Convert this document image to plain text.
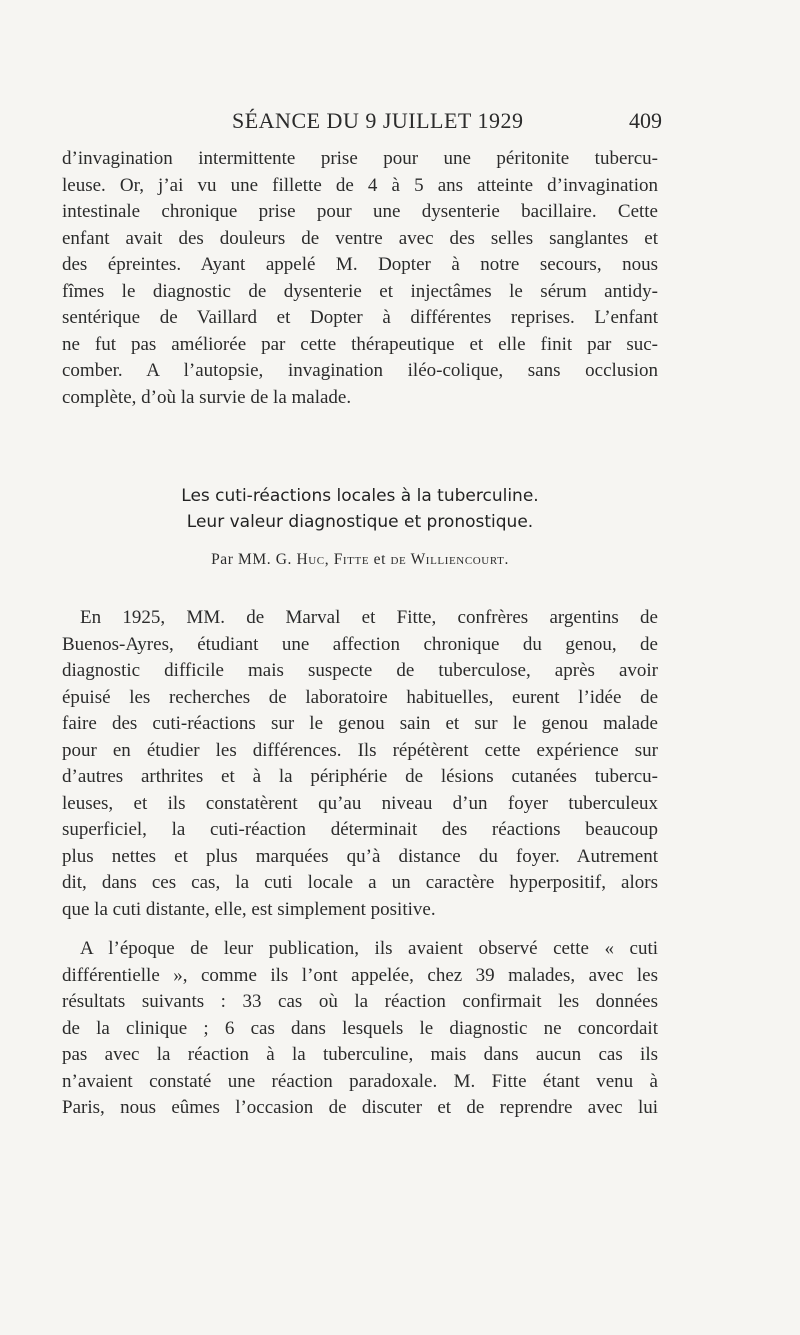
SÉANCE DU 9 JUILLET 1929	409
d’invagination intermittente prise pour une péritonite tubercu-
leuse. Or, j’ai vu une fillette de 4 à 5 ans atteinte d’invagination
intestinale chronique prise pour une dysenterie bacillaire. Cette
enfant avait des douleurs de ventre avec des selles sanglantes et
des épreintes. Ayant appelé M. Dopter à notre secours, nous
fîmes le diagnostic de dysenterie et injectâmes le sérum antidy-
sentérique de Vaillard et Dopter à différentes reprises. L’enfant
ne fut pas améliorée par cette thérapeutique et elle finit par suc-
comber. A l’autopsie, invagination iléo-colique, sans occlusion
complète, d’où la survie de la malade.
Les cuti-réactions locales à la tuberculine.
Leur valeur diagnostique et pronostique.
Par MM. G. Huc, Fitte et de Williencourt.
En 1925, MM. de Marval et Fitte, confrères argentins de
Buenos-Ayres, étudiant une affection chronique du genou, de
diagnostic difficile mais suspecte de tuberculose, après avoir
épuisé les recherches de laboratoire habituelles, eurent l’idée de
faire des cuti-réactions sur le genou sain et sur le genou malade
pour en étudier les différences. Ils répétèrent cette expérience sur
d’autres arthrites et à la périphérie de lésions cutanées tubercu-
leuses, et ils constatèrent qu’au niveau d’un foyer tuberculeux
superficiel, la cuti-réaction déterminait des réactions beaucoup
plus nettes et plus marquées qu’à distance du foyer. Autrement
dit, dans ces cas, la cuti locale a un caractère hyperpositif, alors
que la cuti distante, elle, est simplement positive.
A l’époque de leur publication, ils avaient observé cette « cuti
différentielle », comme ils l’ont appelée, chez 39 malades, avec les
résultats suivants : 33 cas où la réaction confirmait les données
de la clinique ; 6 cas dans lesquels le diagnostic ne concordait
pas avec la réaction à la tuberculine, mais dans aucun cas ils
n’avaient constaté une réaction paradoxale. M. Fitte étant venu à
Paris, nous eûmes l’occasion de discuter et de reprendre avec lui
